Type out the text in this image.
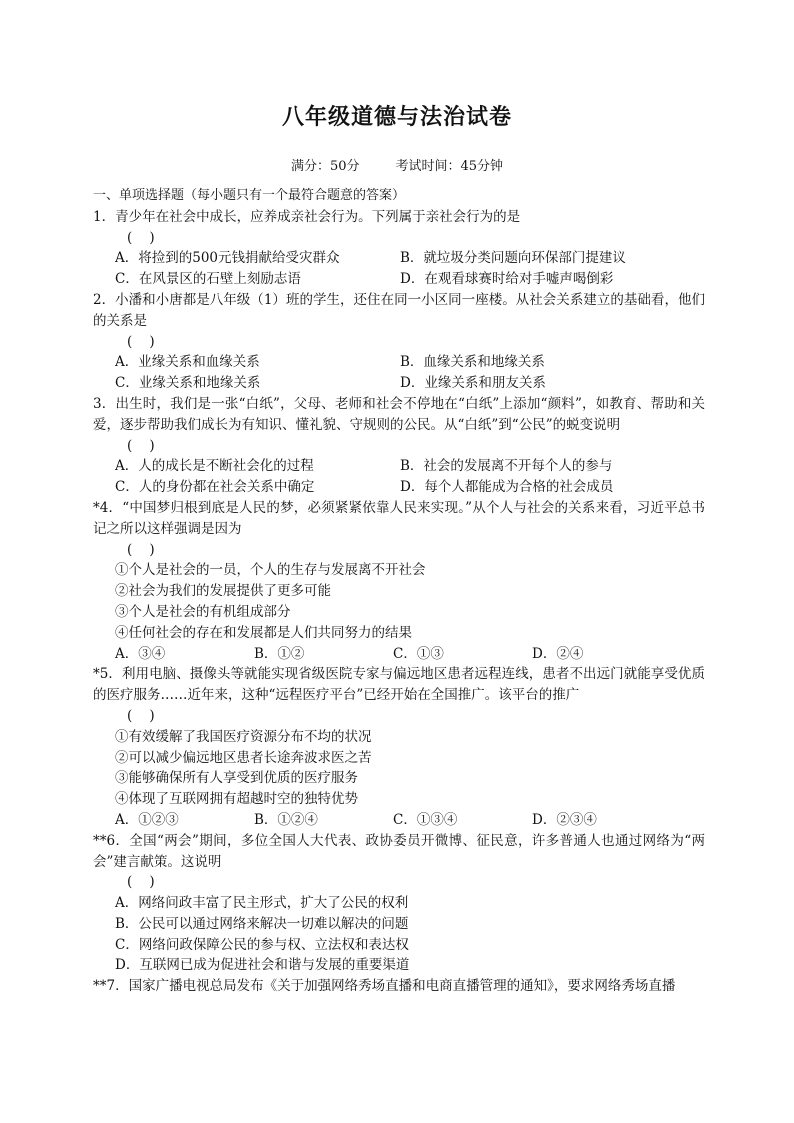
八年级道德与法治试卷
满分：50分	考试时间：45分钟
一、单项选择题（每小题只有一个最符合题意的答案）
1．青少年在社会中成长，应养成亲社会行为。下列属于亲社会行为的是
(    )
A．将捡到的500元钱捐献给受灾群众	B．就垃圾分类问题向环保部门提建议
C．在风景区的石壁上刻励志语	D．在观看球赛时给对手嘘声喝倒彩
2．小潘和小唐都是八年级（1）班的学生，还住在同一小区同一座楼。从社会关系建立的基础看，他们的关系是
(    )
A．业缘关系和血缘关系	B．血缘关系和地缘关系
C．业缘关系和地缘关系	D．业缘关系和朋友关系
3．出生时，我们是一张“白纸”，父母、老师和社会不停地在“白纸”上添加“颜料”，如教育、帮助和关爱，逐步帮助我们成长为有知识、懂礼貌、守规则的公民。从“白纸”到“公民”的蜕变说明
(    )
A．人的成长是不断社会化的过程	B．社会的发展离不开每个人的参与
C．人的身份都在社会关系中确定	D．每个人都能成为合格的社会成员
*4．“中国梦归根到底是人民的梦，必须紧紧依靠人民来实现。”从个人与社会的关系来看，习近平总书记之所以这样强调是因为
(    )
①个人是社会的一员，个人的生存与发展离不开社会
②社会为我们的发展提供了更多可能
③个人是社会的有机组成部分
④任何社会的存在和发展都是人们共同努力的结果
A．③④	B．①②	C．①③	D．②④
*5．利用电脑、摄像头等就能实现省级医院专家与偏远地区患者远程连线，患者不出远门就能享受优质的医疗服务……近年来，这种“远程医疗平台”已经开始在全国推广。该平台的推广
(    )
①有效缓解了我国医疗资源分布不均的状况
②可以减少偏远地区患者长途奔波求医之苦
③能够确保所有人享受到优质的医疗服务
④体现了互联网拥有超越时空的独特优势
A．①②③	B．①②④	C．①③④	D．②③④
**6．全国“两会”期间，多位全国人大代表、政协委员开微博、征民意，许多普通人也通过网络为“两会”建言献策。这说明
(    )
A．网络问政丰富了民主形式，扩大了公民的权利
B．公民可以通过网络来解决一切难以解决的问题
C．网络问政保障公民的参与权、立法权和表达权
D．互联网已成为促进社会和谐与发展的重要渠道
**7．国家广播电视总局发布《关于加强网络秀场直播和电商直播管理的通知》，要求网络秀场直播
